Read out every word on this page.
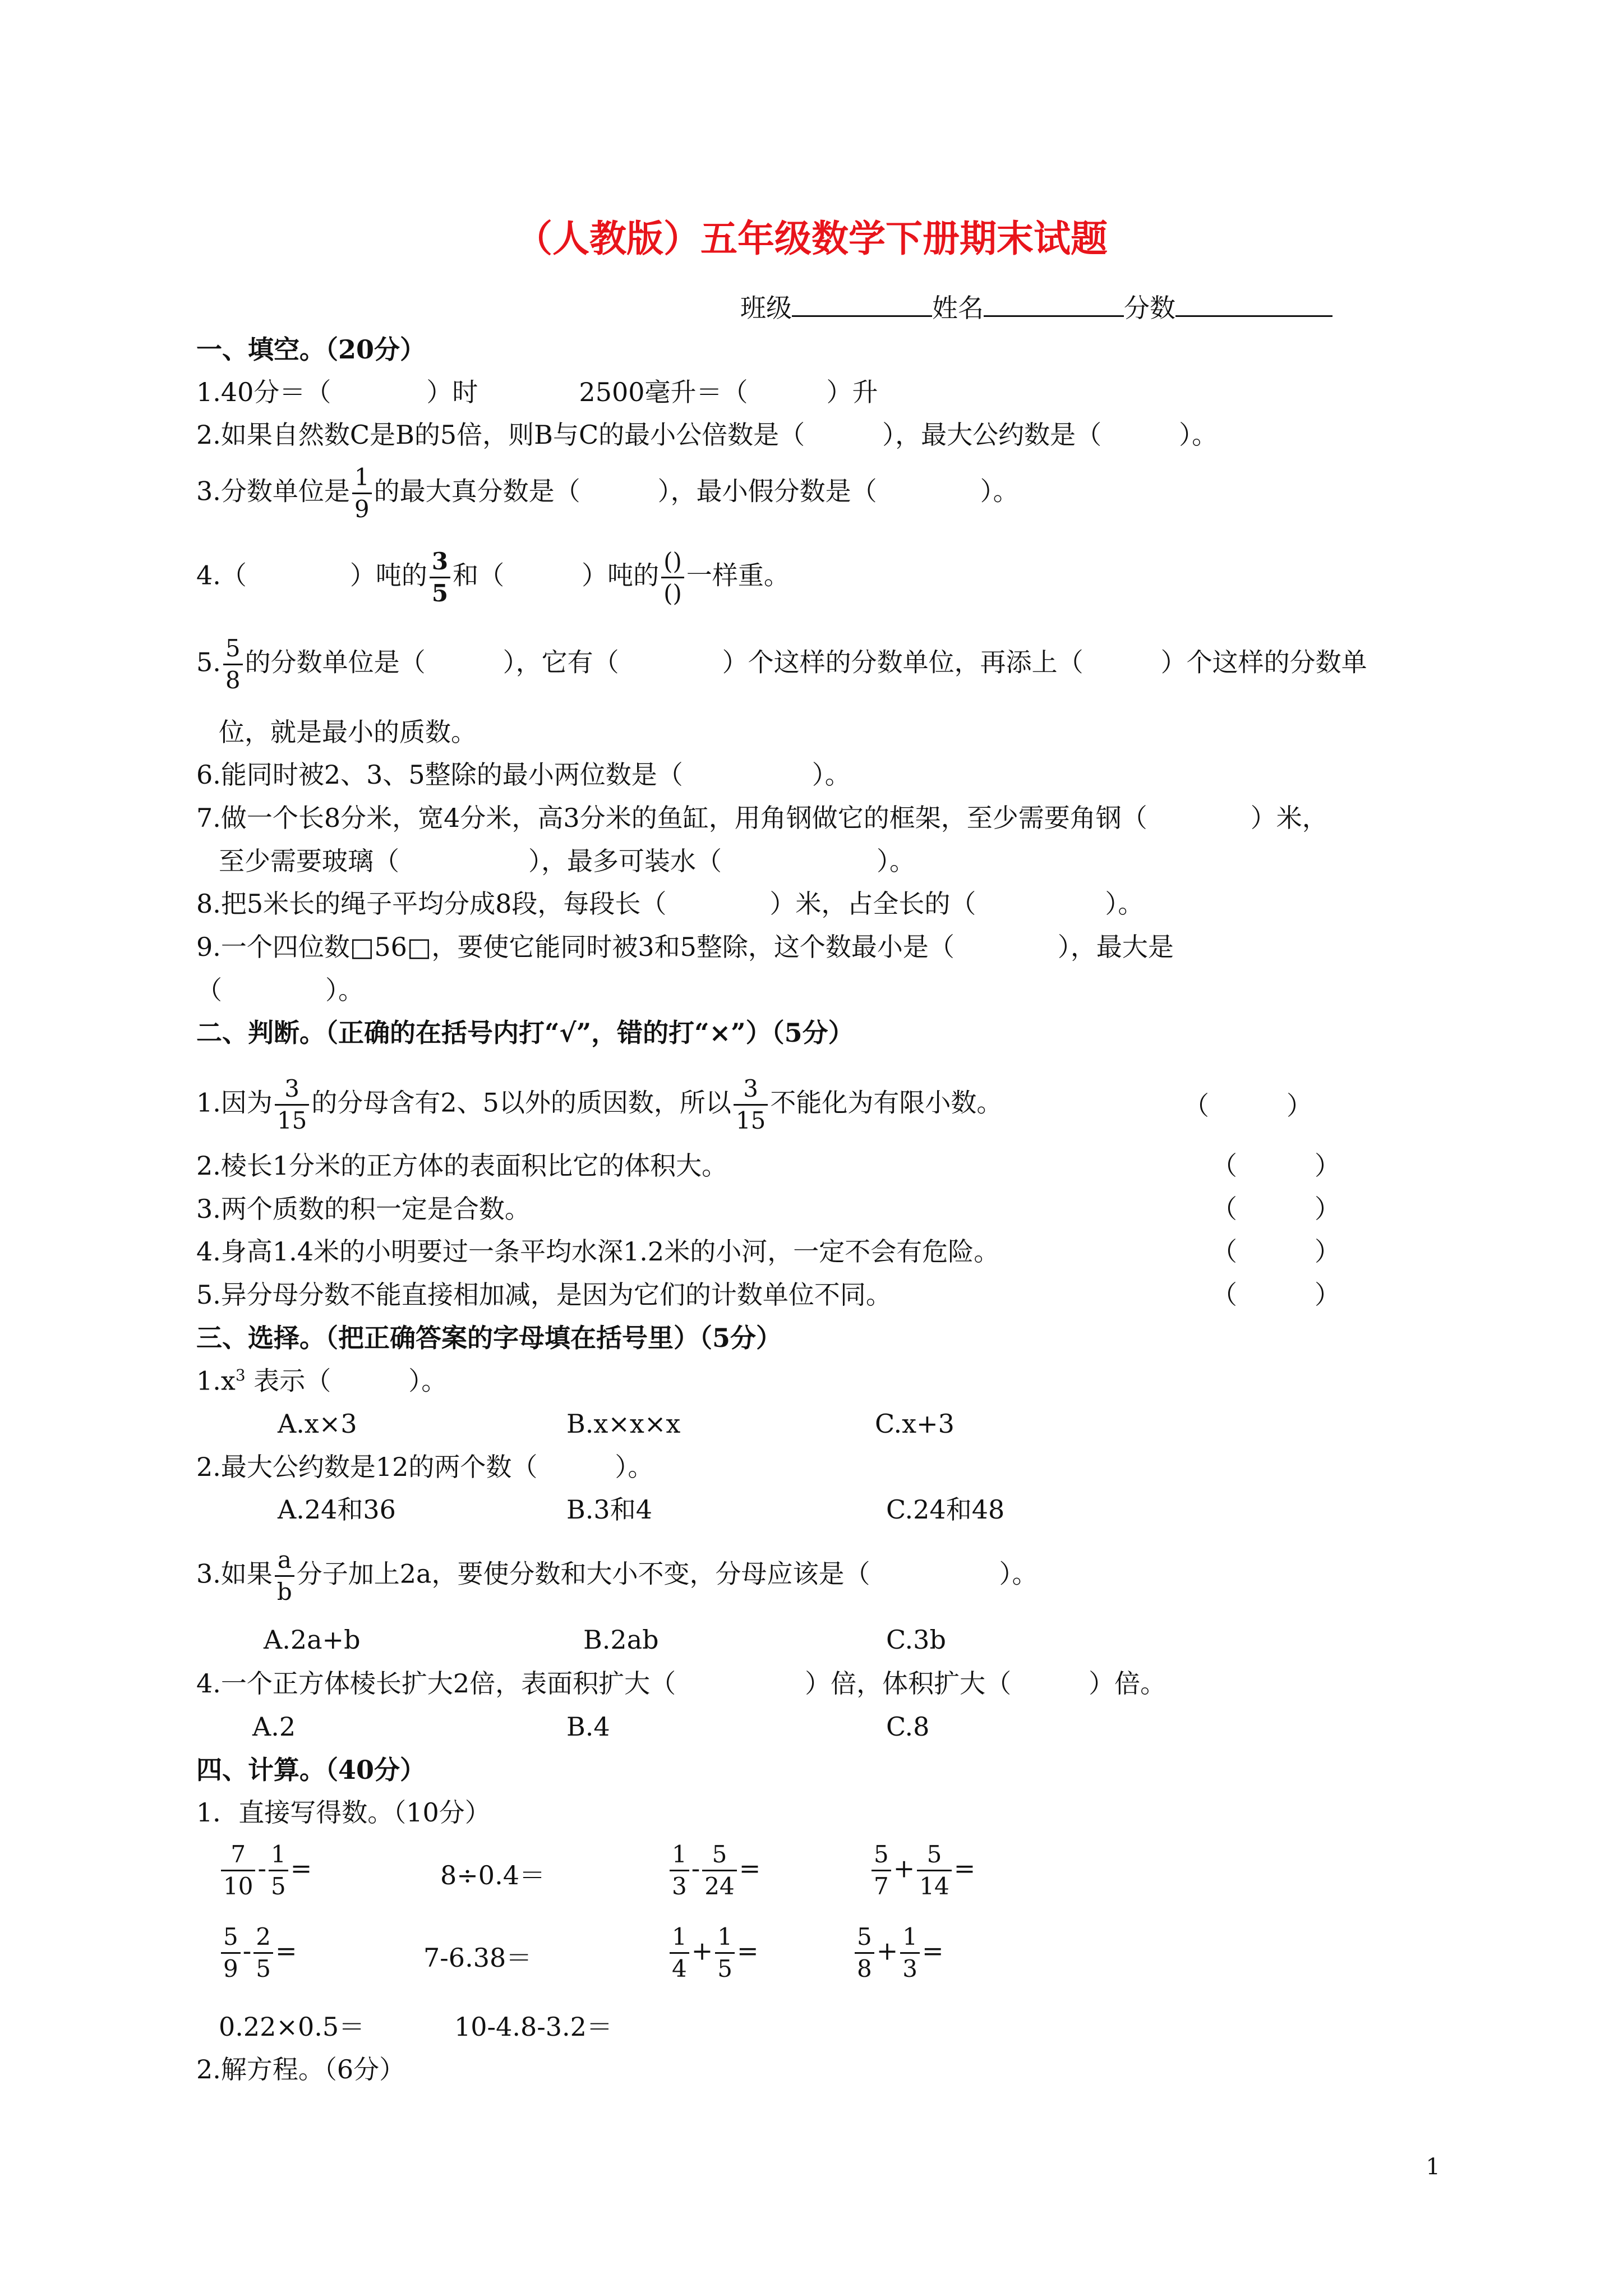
（人教版）五年级数学下册期末试题
班级	姓名	分数
一、填空。（20分）
1.40分＝（	）时	2500毫升＝（	）升
2.如果自然数C是B的5倍，则B与C的最小公倍数是（　　　），最大公约数是（　　　）。
3.分数单位是 $\frac{1}{9}$ 的最大真分数是（　　　），最小假分数是（　　　　）。
4.（　　　　）吨的 $\frac{3}{5}$ 和（　　　）吨的 $\frac{()}{()}$ 一样重。
5. $\frac{5}{8}$ 的分数单位是（　　　），它有（　　　　）个这样的分数单位，再添上（　　　）个这样的分数单
位，就是最小的质数。
6.能同时被2、3、5整除的最小两位数是（　　　　　）。
7.做一个长8分米，宽4分米，高3分米的鱼缸，用角钢做它的框架，至少需要角钢（　　　　）米，
至少需要玻璃（　　　　　），最多可装水（　　　　　　）。
8.把5米长的绳子平均分成8段，每段长（　　　　）米，占全长的（　　　　　）。
9.一个四位数□56□，要使它能同时被3和5整除，这个数最小是（　　　　），最大是
（　　　　）。
二、判断。（正确的在括号内打“√”，错的打“×”）（5分）
1.因为 $\frac{3}{15}$ 的分母含有2、5以外的质因数，所以 $\frac{3}{15}$ 不能化为有限小数。	（　　　）
2.棱长1分米的正方体的表面积比它的体积大。	（　　　）
3.两个质数的积一定是合数。	（　　　）
4.身高1.4米的小明要过一条平均水深1.2米的小河，一定不会有危险。	（　　　）
5.异分母分数不能直接相加减，是因为它们的计数单位不同。	（　　　）
三、选择。（把正确答案的字母填在括号里）（5分）
$1.x^3$ 表示（　　　）。
A.x×3	B.x×x×x	C.x+3
2.最大公约数是12的两个数（　　　）。
A.24和36	B.3和4	C.24和48
3.如果 $\frac{a}{b}$ 分子加上2a，要使分数和大小不变，分母应该是（　　　　　）。
A.2a+b	B.2ab	C.3b
4.一个正方体棱长扩大2倍，表面积扩大（　　　　　）倍，体积扩大（　　　）倍。
A.2	B.4	C.8
四、计算。（40分）
1．直接写得数。（10分）
$\frac{7}{10} - \frac{1}{5}$ =	8÷0.4＝	$\frac{1}{3} - \frac{5}{24}$ =	$\frac{5}{7} + \frac{5}{14}$ =
$\frac{5}{9} - \frac{2}{5}$ =	7-6.38＝	$\frac{1}{4} + \frac{1}{5}$ =	$\frac{5}{8} + \frac{1}{3}$ =
0.22×0.5＝	10-4.8-3.2＝
2.解方程。（6分）
1
